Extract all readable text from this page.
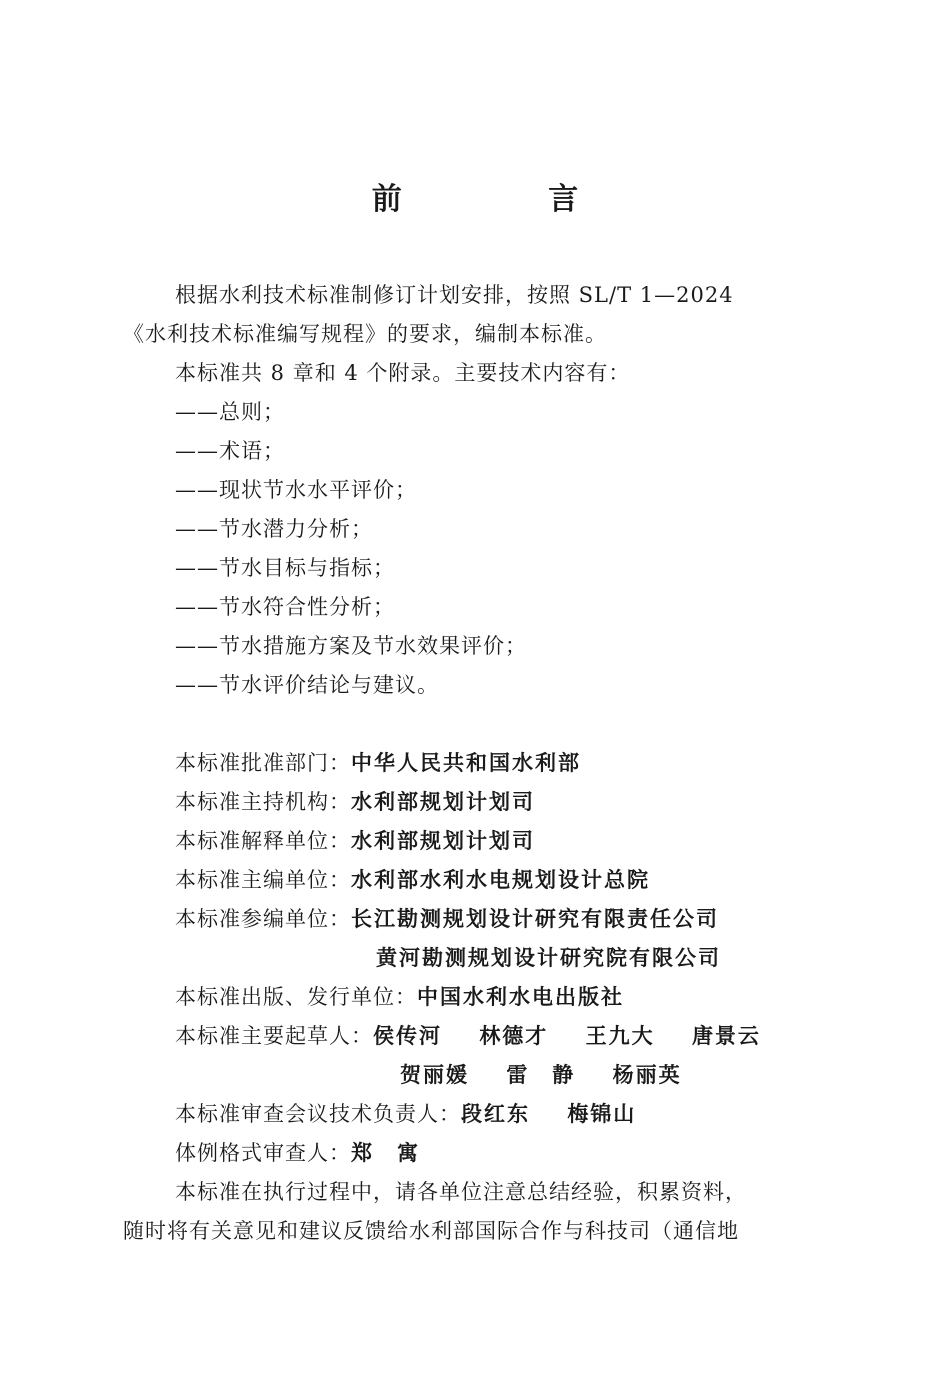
前 言

根据水利技术标准制修订计划安排，按照 SL/T 1—2024

《水利技术标准编写规程》的要求，编制本标准。

本标准共 8 章和 4 个附录。主要技术内容有：

——总则；

——术语；

——现状节水水平评价；

——节水潜力分析；

——节水目标与指标；

——节水符合性分析；

——节水措施方案及节水效果评价；

——节水评价结论与建议。

本标准批准部门： 中华人民共和国水利部

本标准主持机构： 水利部规划计划司

本标准解释单位： 水利部规划计划司

本标准主编单位： 水利部水利水电规划设计总院

本标准参编单位： 长江勘测规划设计研究有限责任公司

黄河勘测规划设计研究院有限公司

本标准出版、发行单位： 中国水利水电出版社

本标准主要起草人： 侯传河 林德才 王九大 唐景云

贺丽媛 雷　静 杨丽英

本标准审查会议技术负责人： 段红东 梅锦山

体例格式审查人： 郑　寓

本标准在执行过程中，请各单位注意总结经验，积累资料，

随时将有关意见和建议反馈给水利部国际合作与科技司（通信地
